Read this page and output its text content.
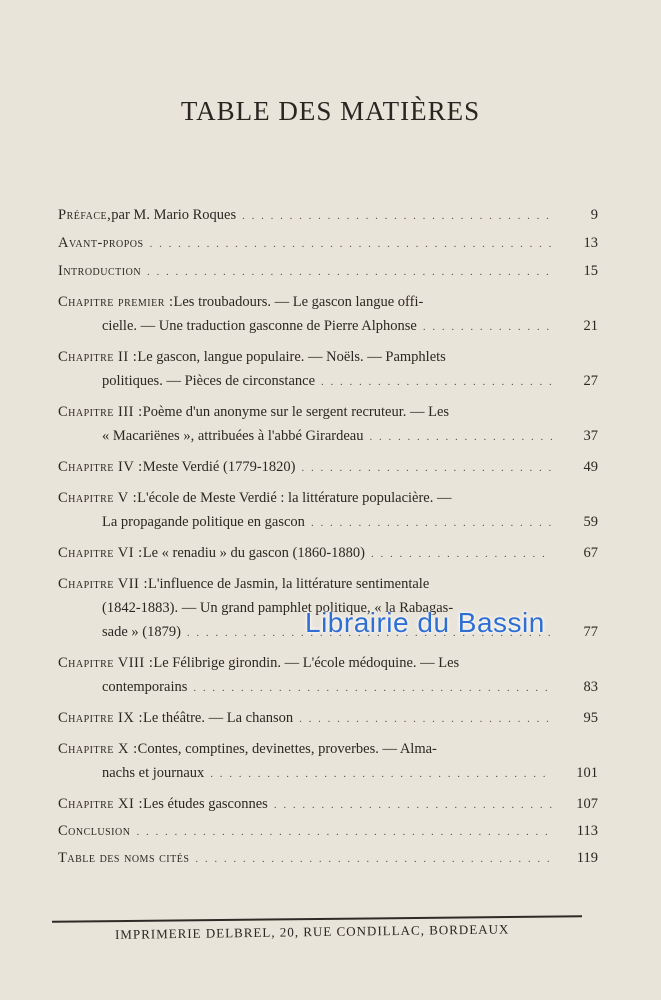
TABLE DES MATIÈRES
Préface, par M. Mario Roques . . .	9
Avant-propos . . .	13
Introduction . . .	15
Chapitre premier : Les troubadours. — Le gascon langue offi-
cielle. — Une traduction gasconne de Pierre Alphonse . . .	21
Chapitre II : Le gascon, langue populaire. — Noëls. — Pamphlets
politiques. — Pièces de circonstance . . .	27
Chapitre III : Poème d'un anonyme sur le sergent recruteur. — Les
« Macariënes », attribuées à l'abbé Girardeau . . .	37
Chapitre IV : Meste Verdié (1779-1820) . . .	49
Chapitre V : L'école de Meste Verdié : la littérature populacière. —
La propagande politique en gascon . . .	59
Chapitre VI : Le « renadiu » du gascon (1860-1880) . . .	67
Chapitre VII : L'influence de Jasmin, la littérature sentimentale
(1842-1883). — Un grand pamphlet politique, « la Rabagas-
sade » (1879) . . .	77
Chapitre VIII : Le Félibrige girondin. — L'école médoquine. — Les
contemporains . . .	83
Chapitre IX : Le théâtre. — La chanson . . .	95
Chapitre X : Contes, comptines, devinettes, proverbes. — Alma-
nachs et journaux . . .	101
Chapitre XI : Les études gasconnes . . .	107
Conclusion . . .	113
Table des noms cités . . .	119
Librairie du Bassin
IMPRIMERIE DELBREL, 20, RUE CONDILLAC, BORDEAUX
